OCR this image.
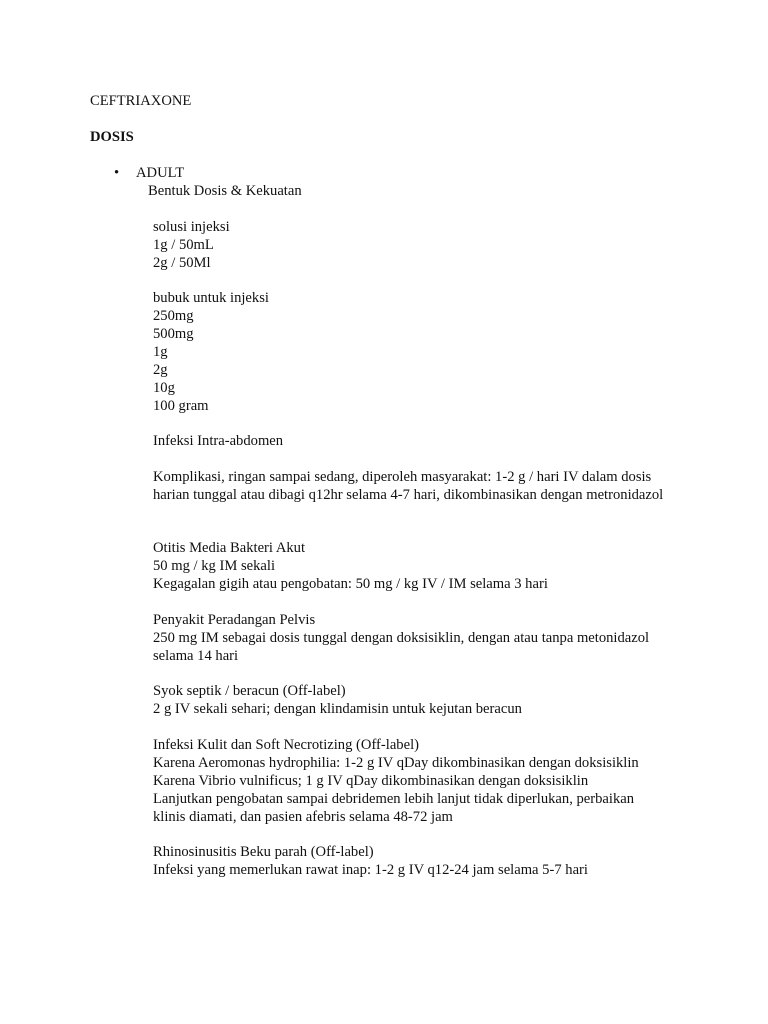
CEFTRIAXONE
DOSIS
• ADULT
Bentuk Dosis & Kekuatan
solusi injeksi
1g / 50mL
2g / 50Ml
bubuk untuk injeksi
250mg
500mg
1g
2g
10g
100 gram
Infeksi Intra-abdomen
Komplikasi, ringan sampai sedang, diperoleh masyarakat: 1-2 g / hari IV dalam dosis harian tunggal atau dibagi q12hr selama 4-7 hari, dikombinasikan dengan metronidazol
Otitis Media Bakteri Akut
50 mg / kg IM sekali
Kegagalan gigih atau pengobatan: 50 mg / kg IV / IM selama 3 hari
Penyakit Peradangan Pelvis
250 mg IM sebagai dosis tunggal dengan doksisiklin, dengan atau tanpa metonidazol selama 14 hari
Syok septik / beracun (Off-label)
2 g IV sekali sehari; dengan klindamisin untuk kejutan beracun
Infeksi Kulit dan Soft Necrotizing (Off-label)
Karena Aeromonas hydrophilia: 1-2 g IV qDay dikombinasikan dengan doksisiklin
Karena Vibrio vulnificus; 1 g IV qDay dikombinasikan dengan doksisiklin
Lanjutkan pengobatan sampai debridemen lebih lanjut tidak diperlukan, perbaikan klinis diamati, dan pasien afebris selama 48-72 jam
Rhinosinusitis Beku parah (Off-label)
Infeksi yang memerlukan rawat inap: 1-2 g IV q12-24 jam selama 5-7 hari
